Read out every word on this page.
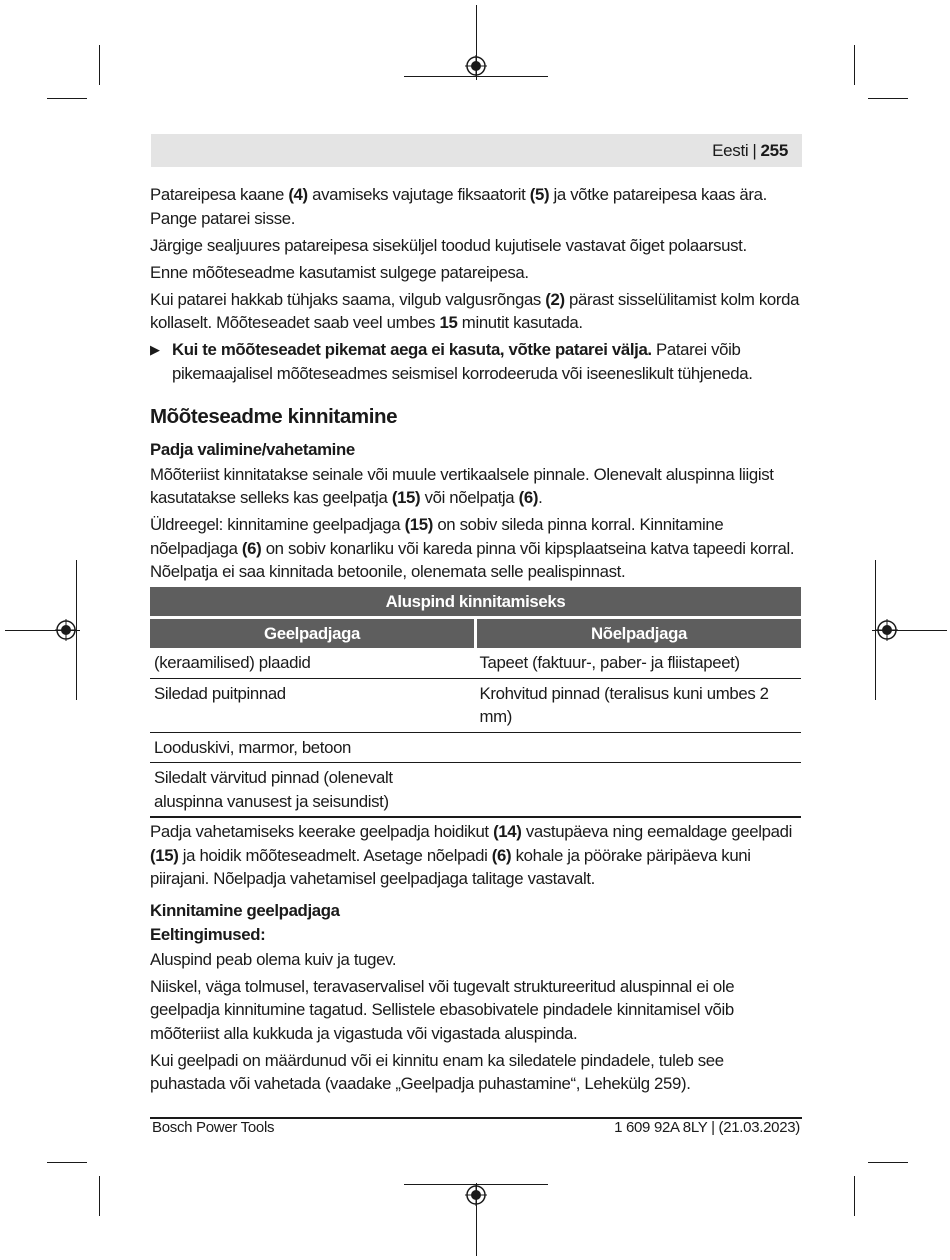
Eesti | 255

Patareipesa kaane (4) avamiseks vajutage fiksaatorit (5) ja võtke patareipesa kaas ära. Pange patarei sisse.

Järgige sealjuures patareipesa siseküljel toodud kujutisele vastavat õiget polaarsust.

Enne mõõteseadme kasutamist sulgege patareipesa.

Kui patarei hakkab tühjaks saama, vilgub valgusrõngas (2) pärast sisselülitamist kolm korda kollaselt. Mõõteseadet saab veel umbes 15 minutit kasutada.

▶ Kui te mõõteseadet pikemat aega ei kasuta, võtke patarei välja. Patarei võib pikemaajalisel mõõteseadmes seismisel korrodeeruda või iseeneslikult tühjeneda.
Mõõteseadme kinnitamine
Padja valimine/vahetamine

Mõõteriist kinnitatakse seinale või muule vertikaalsele pinnale. Olenevalt aluspinna liigist kasutatakse selleks kas geelpatja (15) või nõelpatja (6).

Üldreegel: kinnitamine geelpadjaga (15) on sobiv sileda pinna korral. Kinnitamine nõelpadjaga (6) on sobiv konarliku või kareda pinna või kipsplaatseina katva tapeedi korral. Nõelpatja ei saa kinnitada betoonile, olenemata selle pealispinnast.

Aluspind kinnitamiseks	
Geelpadjaga	Nõelpadjaga
(keraamilised) plaadid	Tapeet (faktuur-, paber- ja fliistapeet)
Siledad puitpinnad	Krohvitud pinnad (teralisus kuni umbes 2 mm)
Looduskivi, marmor, betoon	
Siledalt värvitud pinnad (olenevalt aluspinna vanusest ja seisundist)	

Padja vahetamiseks keerake geelpadja hoidikut (14) vastupäeva ning eemaldage geelpadi (15) ja hoidik mõõteseadmelt. Asetage nõelpadi (6) kohale ja pöörake päripäeva kuni piirajani. Nõelpadja vahetamisel geelpadjaga talitage vastavalt.

Kinnitamine geelpadjaga
Eeltingimused:

Aluspind peab olema kuiv ja tugev.

Niiskel, väga tolmusel, teravaservalisel või tugevalt struktureeritud aluspinnal ei ole geelpadja kinnitumine tagatud. Sellistele ebasobivatele pindadele kinnitamisel võib mõõteriist alla kukkuda ja vigastuda või vigastada aluspinda.

Kui geelpadi on määrdunud või ei kinnitu enam ka siledatele pindadele, tuleb see puhastada või vahetada (vaadake „Geelpadja puhastamine“, Lehekülg 259).

Bosch Power Tools	1 609 92A 8LY | (21.03.2023)
